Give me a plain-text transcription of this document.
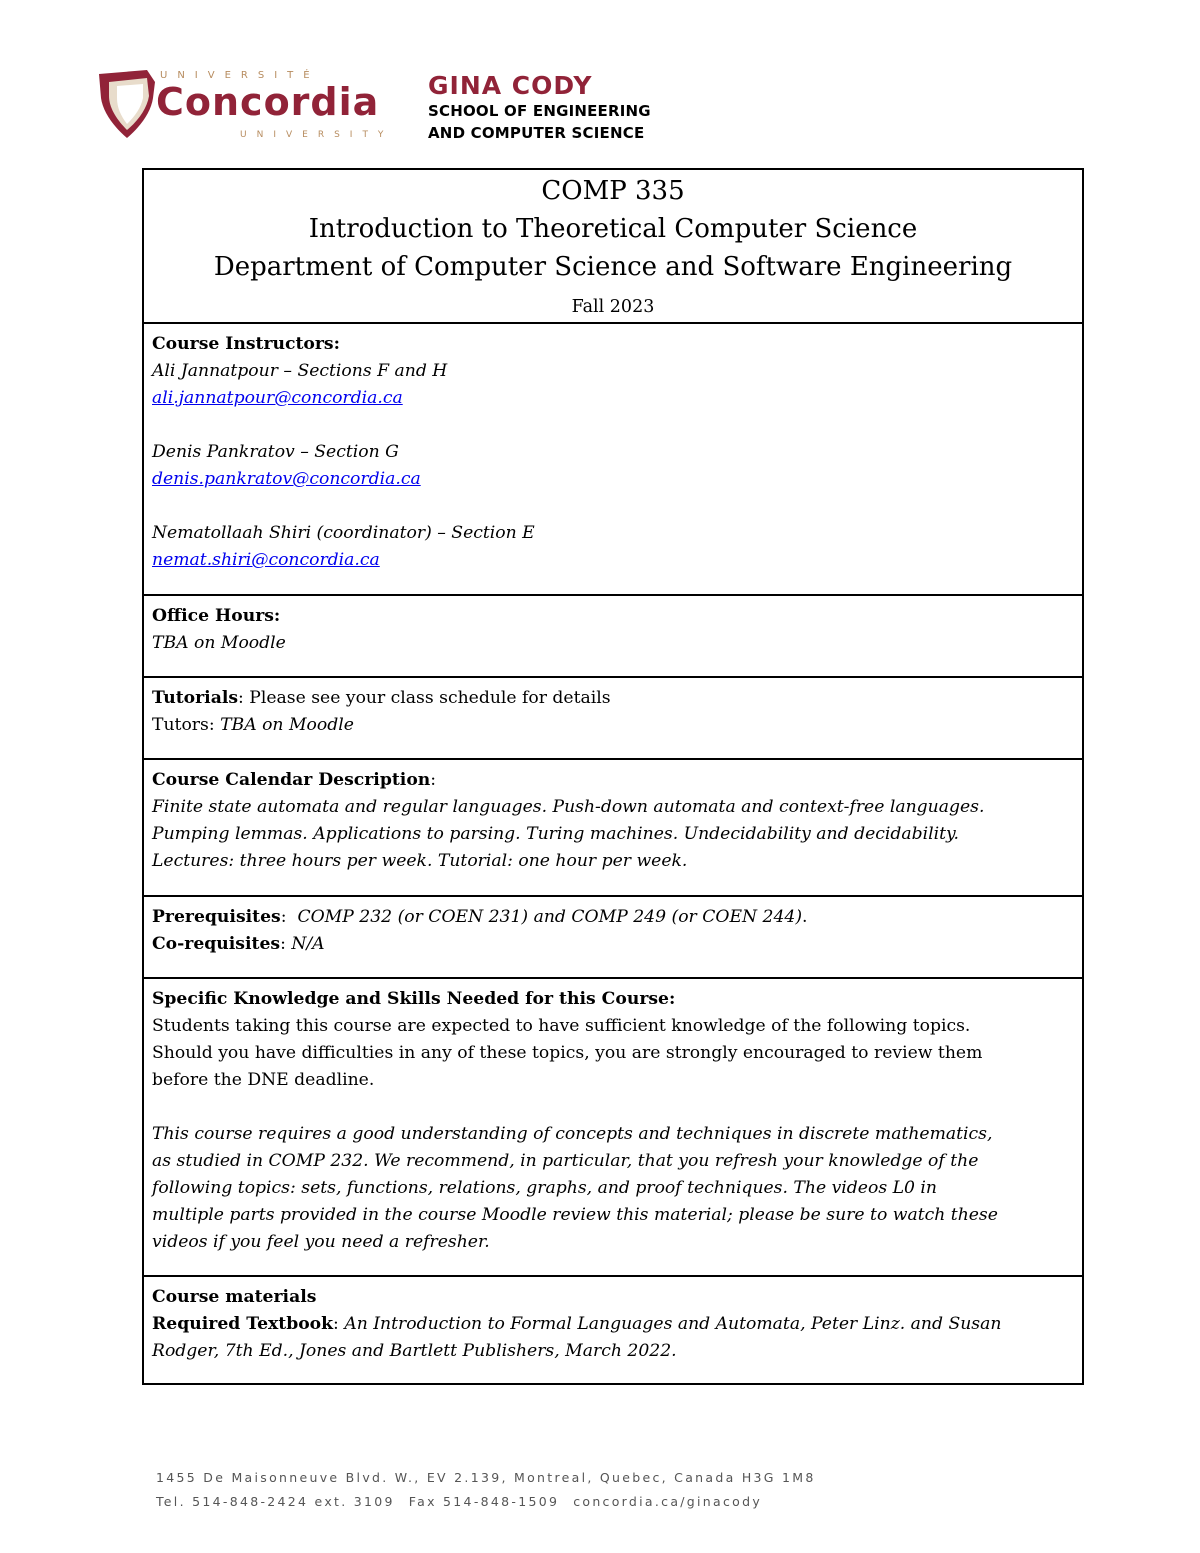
UNIVERSITÉ
Concordia
UNIVERSITY
GINA CODY
SCHOOL OF ENGINEERING
AND COMPUTER SCIENCE
COMP 335
Introduction to Theoretical Computer Science
Department of Computer Science and Software Engineering
Fall 2023
Course Instructors:
Ali Jannatpour – Sections F and H
ali.jannatpour@concordia.ca
Denis Pankratov – Section G
denis.pankratov@concordia.ca
Nematollaah Shiri (coordinator) – Section E
nemat.shiri@concordia.ca
Office Hours:
TBA on Moodle
Tutorials: Please see your class schedule for details
Tutors: TBA on Moodle
Course Calendar Description:
Finite state automata and regular languages. Push-down automata and context-free languages.
Pumping lemmas. Applications to parsing. Turing machines. Undecidability and decidability.
Lectures: three hours per week. Tutorial: one hour per week.
Prerequisites:  COMP 232 (or COEN 231) and COMP 249 (or COEN 244).
Co-requisites: N/A
Specific Knowledge and Skills Needed for this Course:
Students taking this course are expected to have sufficient knowledge of the following topics.
Should you have difficulties in any of these topics, you are strongly encouraged to review them
before the DNE deadline.
This course requires a good understanding of concepts and techniques in discrete mathematics,
as studied in COMP 232. We recommend, in particular, that you refresh your knowledge of the
following topics: sets, functions, relations, graphs, and proof techniques. The videos L0 in
multiple parts provided in the course Moodle review this material; please be sure to watch these
videos if you feel you need a refresher.
Course materials
Required Textbook: An Introduction to Formal Languages and Automata, Peter Linz. and Susan
Rodger, 7th Ed., Jones and Bartlett Publishers, March 2022.
1455 De Maisonneuve Blvd. W., EV 2.139, Montreal, Quebec, Canada H3G 1M8
Tel. 514-848-2424 ext. 3109 Fax 514-848-1509 concordia.ca/ginacody
